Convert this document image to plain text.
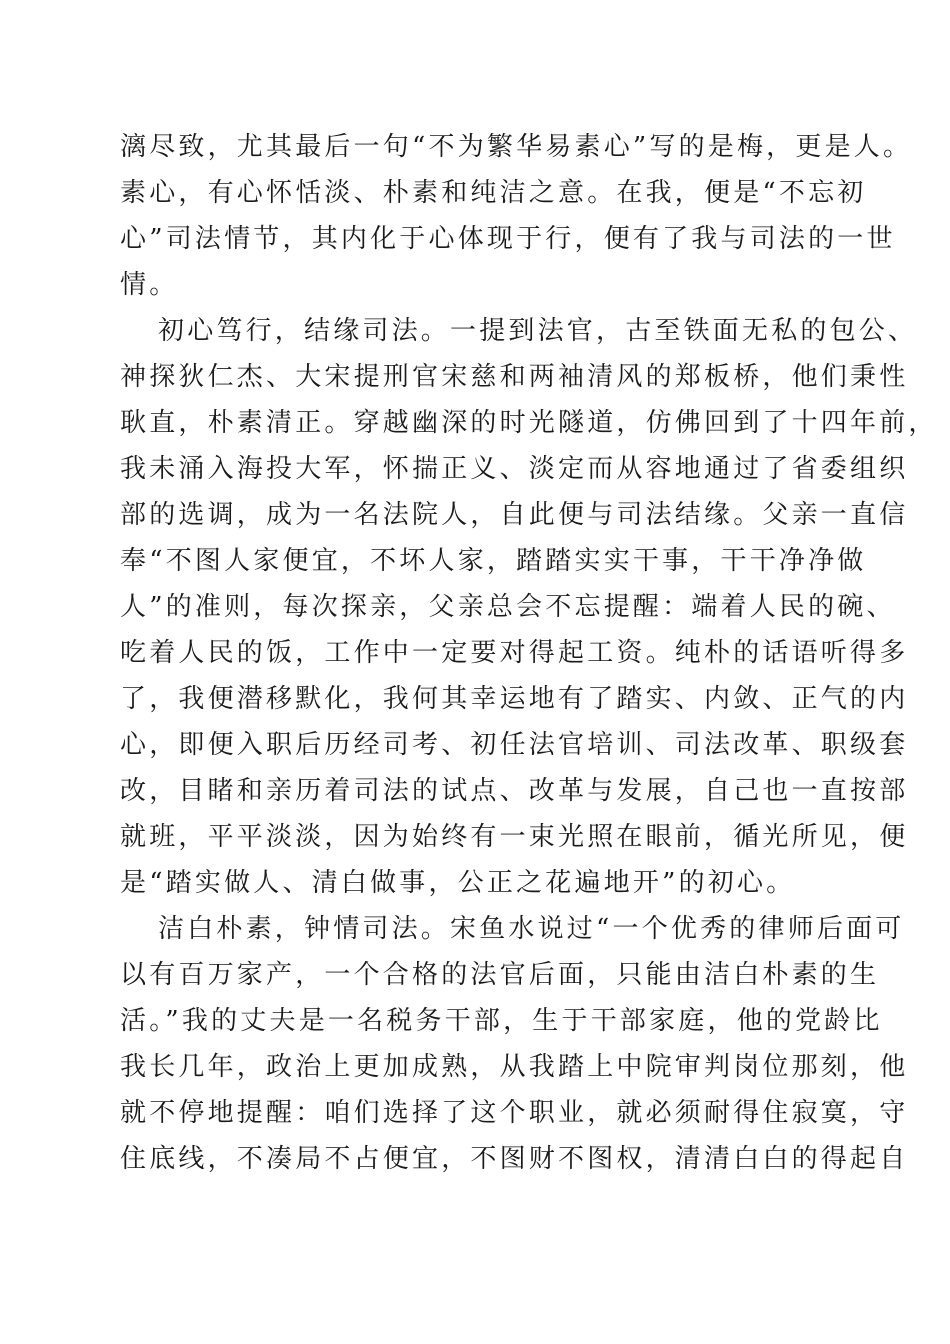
漓尽致，尤其最后一句“不为繁华易素心”写的是梅，更是人。
素心，有心怀恬淡、朴素和纯洁之意。在我，便是“不忘初
心”司法情节，其内化于心体现于行，便有了我与司法的一世
情。
初心笃行，结缘司法。一提到法官，古至铁面无私的包公、
神探狄仁杰、大宋提刑官宋慈和两袖清风的郑板桥，他们秉性
耿直，朴素清正。穿越幽深的时光隧道，仿佛回到了十四年前，
我未涌入海投大军，怀揣正义、淡定而从容地通过了省委组织
部的选调，成为一名法院人，自此便与司法结缘。父亲一直信
奉“不图人家便宜，不坏人家，踏踏实实干事，干干净净做
人”的准则，每次探亲，父亲总会不忘提醒：端着人民的碗、
吃着人民的饭，工作中一定要对得起工资。纯朴的话语听得多
了，我便潜移默化，我何其幸运地有了踏实、内敛、正气的内
心，即便入职后历经司考、初任法官培训、司法改革、职级套
改，目睹和亲历着司法的试点、改革与发展，自己也一直按部
就班，平平淡淡，因为始终有一束光照在眼前，循光所见，便
是“踏实做人、清白做事，公正之花遍地开”的初心。
洁白朴素，钟情司法。宋鱼水说过“一个优秀的律师后面可
以有百万家产，一个合格的法官后面，只能由洁白朴素的生
活。”我的丈夫是一名税务干部，生于干部家庭，他的党龄比
我长几年，政治上更加成熟，从我踏上中院审判岗位那刻，他
就不停地提醒：咱们选择了这个职业，就必须耐得住寂寞，守
住底线，不凑局不占便宜，不图财不图权，清清白白的得起自
